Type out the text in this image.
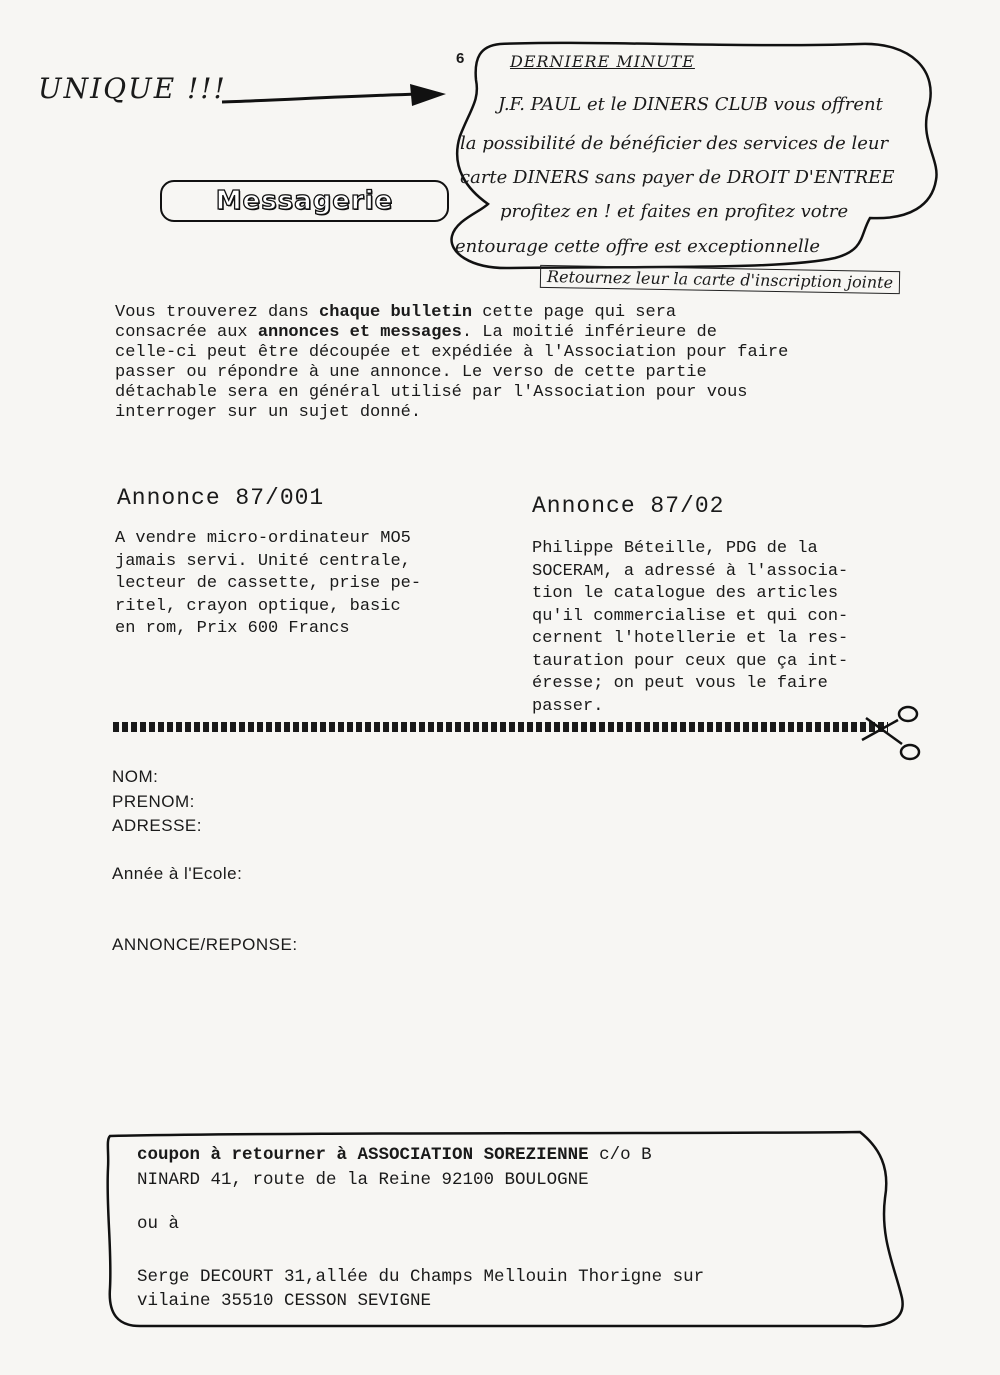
UNIQUE !!!
6	DERNIERE MINUTE
J.F. PAUL et le DINERS CLUB vous offrent
la possibilité de bénéficier des services de leur
carte DINERS sans payer de DROIT D'ENTREE
profitez en ! et faites en profitez votre
entourage cette offre est exceptionnelle
Retournez leur la carte d'inscription jointe
Messagerie
Vous trouverez dans chaque bulletin cette page qui sera
consacrée aux annonces et messages. La moitié inférieure de
celle-ci peut être découpée et expédiée à l'Association pour faire
passer ou répondre à une annonce. Le verso de cette partie
détachable sera en général utilisé par l'Association pour vous
interroger sur un sujet donné.
Annonce 87/001
A vendre micro-ordinateur MO5
jamais servi. Unité centrale,
lecteur de cassette, prise pe-
ritel, crayon optique, basic
en rom, Prix 600 Francs
Annonce 87/02
Philippe Béteille, PDG de la
SOCERAM, a adressé à l'associa-
tion le catalogue des articles
qu'il commercialise et qui con-
cernent l'hotellerie et la res-
tauration pour ceux que ça int-
éresse; on peut vous le faire
passer.
NOM:
PRENOM:
ADRESSE:
Année à l'Ecole:
ANNONCE/REPONSE:
coupon à retourner à ASSOCIATION SOREZIENNE c/o B
NINARD 41, route de la Reine 92100 BOULOGNE
ou à
Serge DECOURT 31,allée du Champs Mellouin Thorigne sur
vilaine 35510 CESSON SEVIGNE
